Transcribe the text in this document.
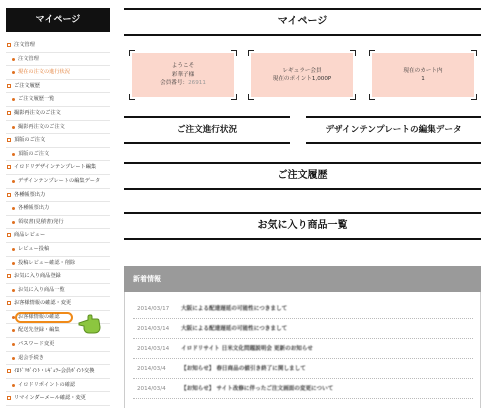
マイページ
注文管理
注文管理
現在の注文の進行状況
ご注文履歴
ご注文履歴一覧
撮影再注文のご注文
撮影再注文のご注文
頂版のご注文
頂版のご注文
イロドリデザインテンプレート編集
デザインテンプレートの編集データ
各種帳票出力
各種帳票出力
領収書(見積書)発行
商品レビュー
レビュー投稿
投稿レビュー確認・削除
お気に入り商品登録
お気に入り商品一覧
お客様情報の確認・変更
お客様情報の確認
配送先登録・編集
パスワード変更
退会手続き
ｲﾛﾄﾞﾘﾎﾟｲﾝﾄ・ﾚｷﾞｭﾗｰ会員ﾎﾟｲﾝﾄ交換
イロドリポイントの確認
リマインダーメール確認・変更
マイページ
ようこそ
彩華子様
会員番号：26911
レギュラー会員
現在のポイント1,000P
現在のカート内
1
ご注文進行状況	デザインテンプレートの編集データ
ご注文履歴
お気に入り商品一覧
新着情報
2014/03/17 大阪による配達遅延の可能性につきまして
2014/03/14 大阪による配達遅延の可能性につきまして
2014/03/14 イロドリサイト 日米文化問題説明会 更新のお知らせ
2014/03/4	【お知らせ】 春日商品の値引き終了に関しまして
2014/03/4	【お知らせ】 サイト改修に伴ったご注文画面の変更について
